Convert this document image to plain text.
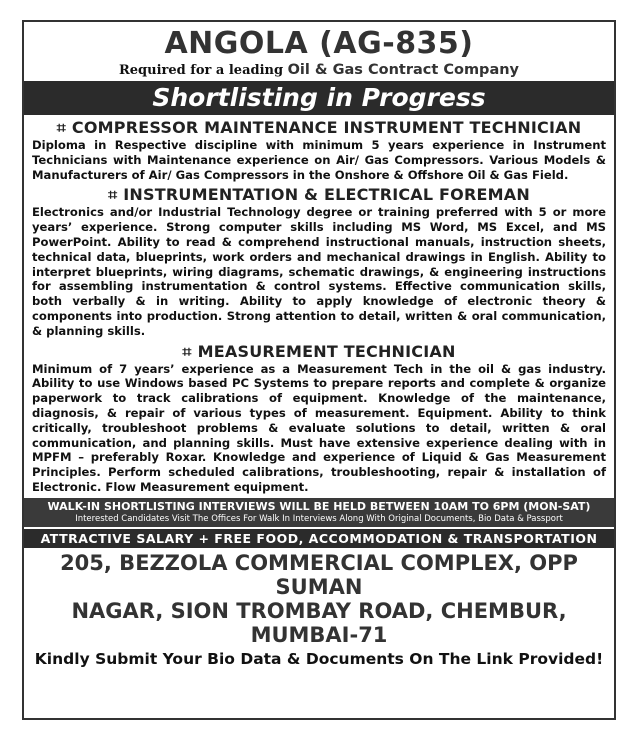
ANGOLA (AG-835)
Required for a leading Oil & Gas Contract Company
Shortlisting in Progress
⌗ COMPRESSOR MAINTENANCE INSTRUMENT TECHNICIAN
Diploma in Respective discipline with minimum 5 years experience in Instrument Technicians with Maintenance experience on Air/ Gas Compressors. Various Models & Manufacturers of Air/ Gas Compressors in the Onshore & Offshore Oil & Gas Field.
⌗ INSTRUMENTATION & ELECTRICAL FOREMAN
Electronics and/or Industrial Technology degree or training preferred with 5 or more years’ experience. Strong computer skills including MS Word, MS Excel, and MS PowerPoint. Ability to read & comprehend instructional manuals, instruction sheets, technical data, blueprints, work orders and mechanical drawings in English. Ability to interpret blueprints, wiring diagrams, schematic drawings, & engineering instructions for assembling instrumentation & control systems. Effective communication skills, both verbally & in writing. Ability to apply knowledge of electronic theory & components into production. Strong attention to detail, written & oral communication, & planning skills.
⌗ MEASUREMENT TECHNICIAN
Minimum of 7 years’ experience as a Measurement Tech in the oil & gas industry. Ability to use Windows based PC Systems to prepare reports and complete & organize paperwork to track calibrations of equipment. Knowledge of the maintenance, diagnosis, & repair of various types of measurement. Equipment. Ability to think critically, troubleshoot problems & evaluate solutions to detail, written & oral communication, and planning skills. Must have extensive experience dealing with in MPFM – preferably Roxar. Knowledge and experience of Liquid & Gas Measurement Principles. Perform scheduled calibrations, troubleshooting, repair & installation of Electronic. Flow Measurement equipment.
WALK-IN SHORTLISTING INTERVIEWS WILL BE HELD BETWEEN 10AM TO 6PM (MON-SAT)
Interested Candidates Visit The Offices For Walk In Interviews Along With Original Documents, Bio Data & Passport
ATTRACTIVE SALARY + FREE FOOD, ACCOMMODATION & TRANSPORTATION
205, BEZZOLA COMMERCIAL COMPLEX, OPP SUMAN
NAGAR, SION TROMBAY ROAD, CHEMBUR, MUMBAI-71
Kindly Submit Your Bio Data & Documents On The Link Provided!
